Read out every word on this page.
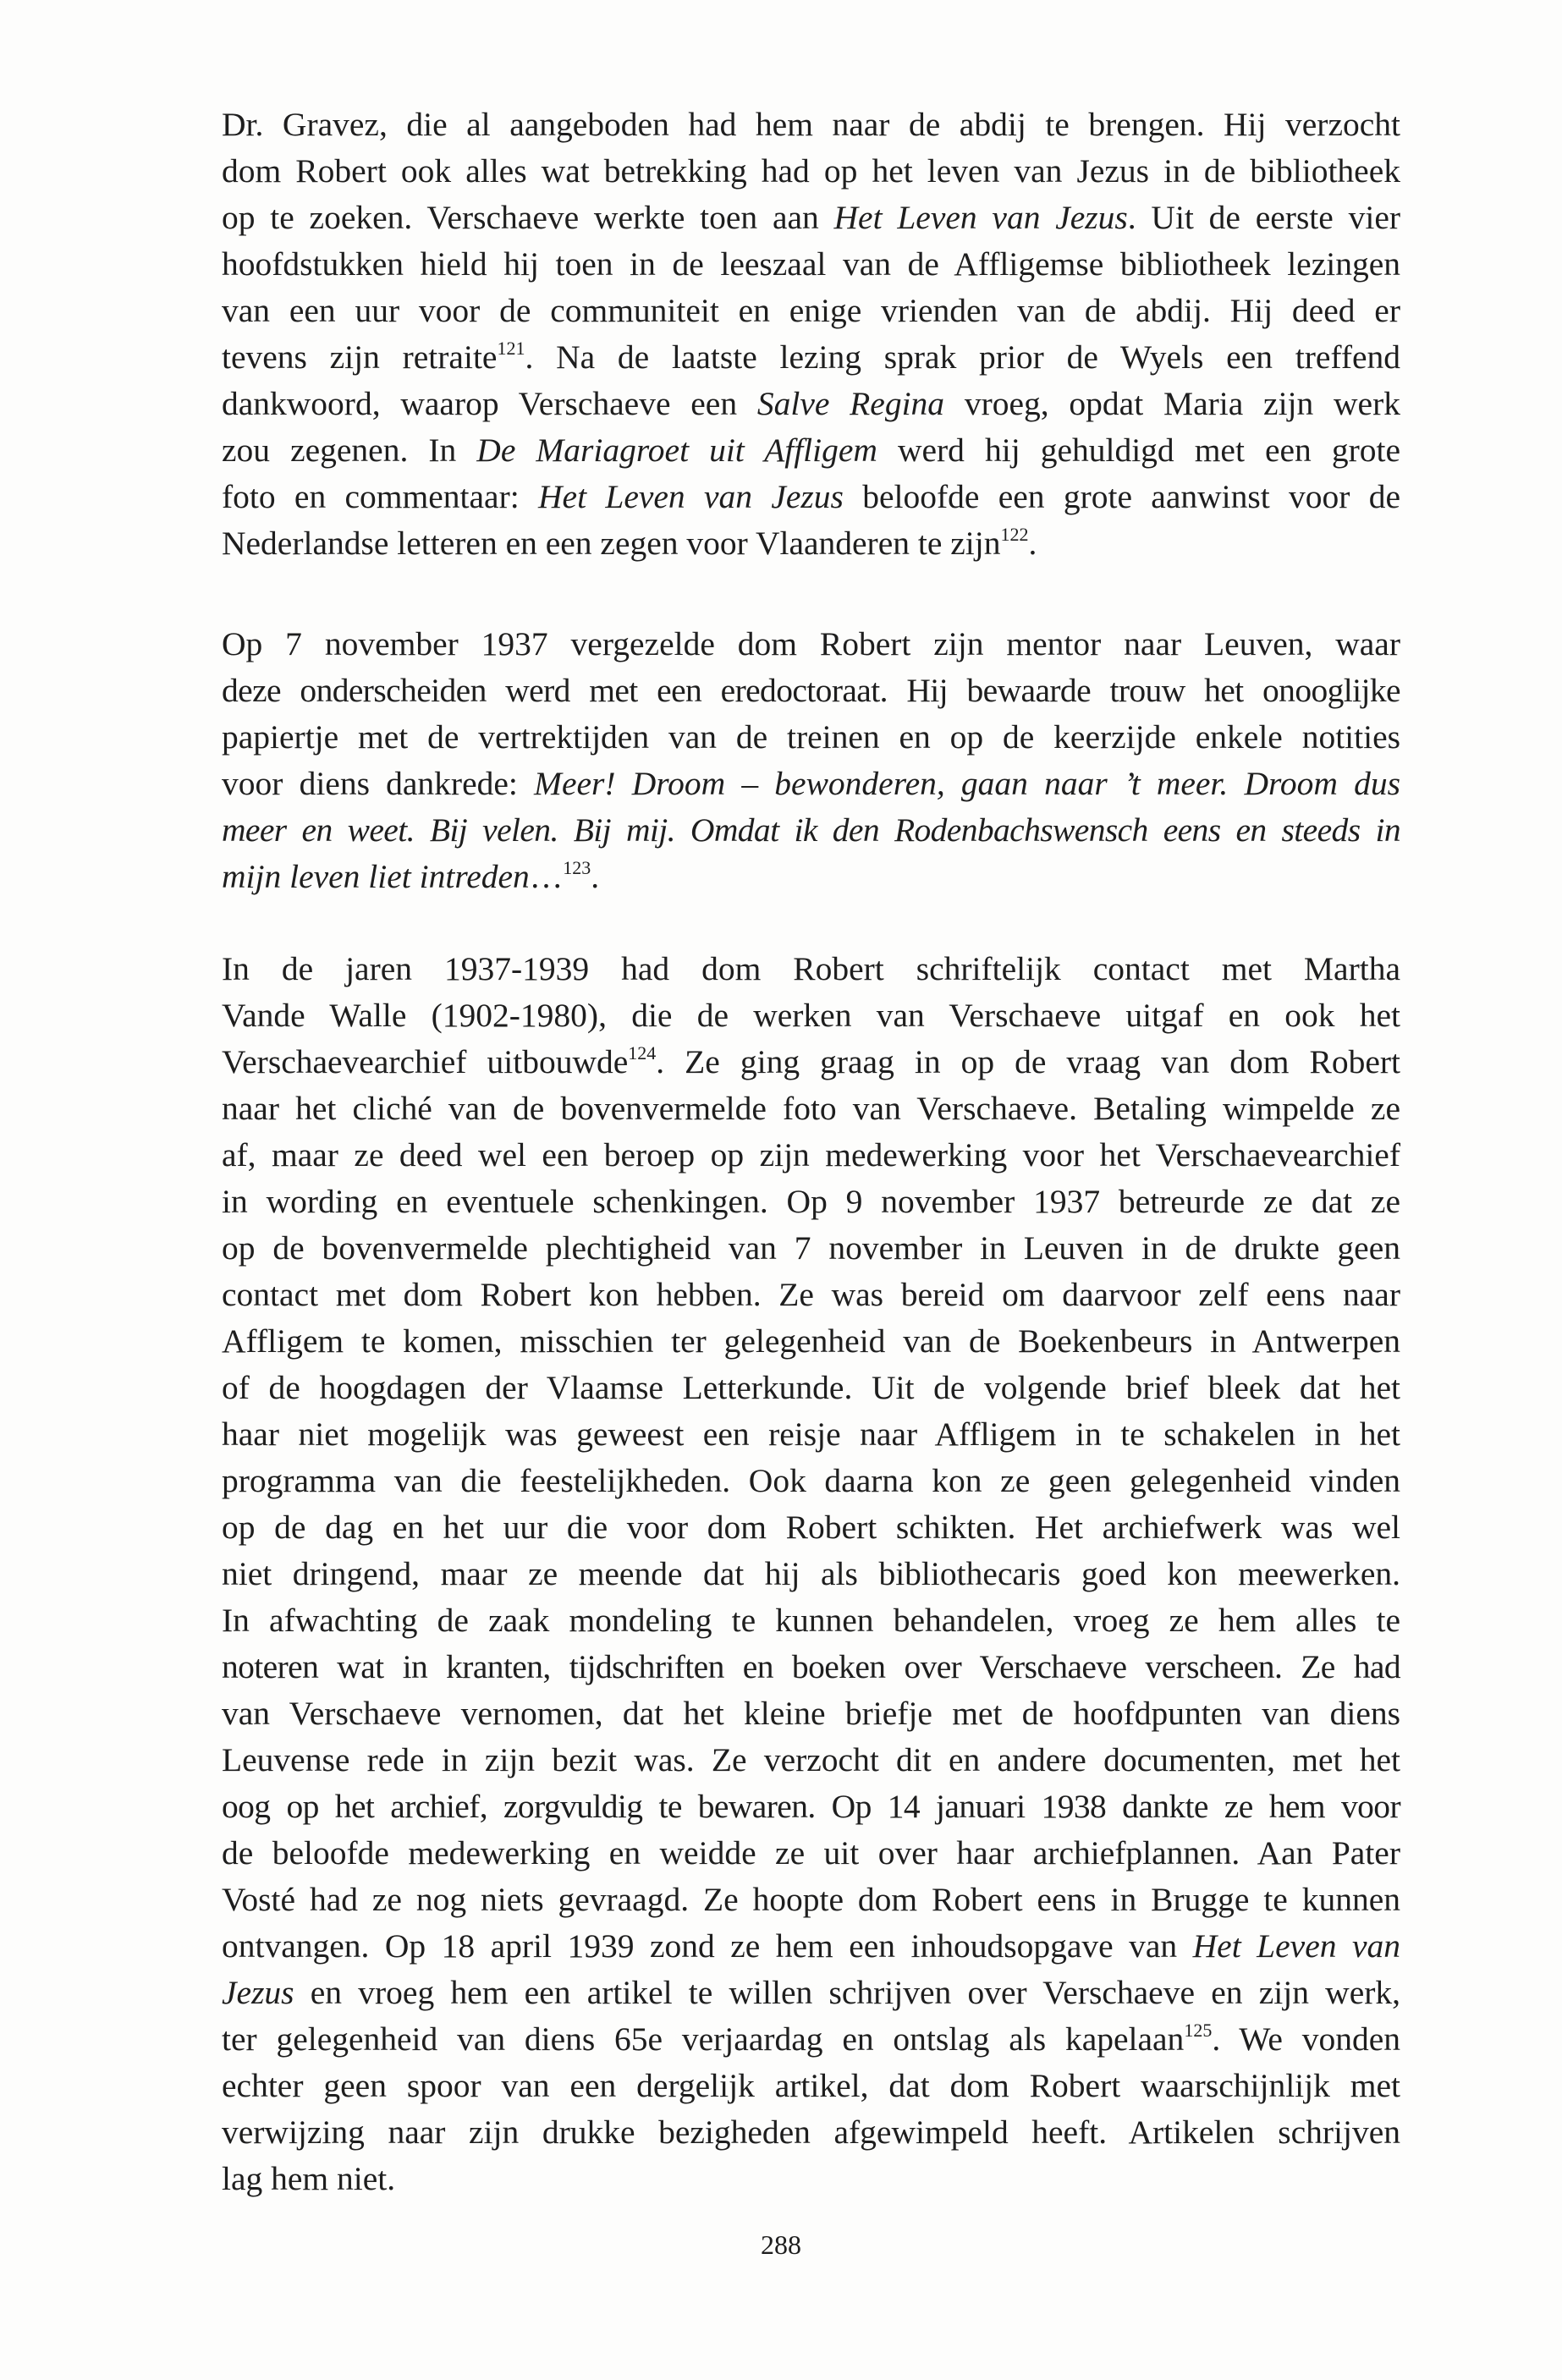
Dr. Gravez, die al aangeboden had hem naar de abdij te brengen. Hij verzocht
dom Robert ook alles wat betrekking had op het leven van Jezus in de bibliotheek
op te zoeken. Verschaeve werkte toen aan Het Leven van Jezus. Uit de eerste vier
hoofdstukken hield hij toen in de leeszaal van de Affligemse bibliotheek lezingen
van een uur voor de communiteit en enige vrienden van de abdij. Hij deed er
tevens zijn retraite$^{121}$. Na de laatste lezing sprak prior de Wyels een treffend
dankwoord, waarop Verschaeve een Salve Regina vroeg, opdat Maria zijn werk
zou zegenen. In De Mariagroet uit Affligem werd hij gehuldigd met een grote
foto en commentaar: Het Leven van Jezus beloofde een grote aanwinst voor de
Nederlandse letteren en een zegen voor Vlaanderen te zijn$^{122}$.
Op 7 november 1937 vergezelde dom Robert zijn mentor naar Leuven, waar
deze onderscheiden werd met een eredoctoraat. Hij bewaarde trouw het onooglijke
papiertje met de vertrektijden van de treinen en op de keerzijde enkele notities
voor diens dankrede: Meer! Droom – bewonderen, gaan naar ’t meer. Droom dus
meer en weet. Bij velen. Bij mij. Omdat ik den Rodenbachswensch eens en steeds in
mijn leven liet intreden…$^{123}$.
In de jaren 1937-1939 had dom Robert schriftelijk contact met Martha
Vande Walle (1902-1980), die de werken van Verschaeve uitgaf en ook het
Verschaevearchief uitbouwde$^{124}$. Ze ging graag in op de vraag van dom Robert
naar het cliché van de bovenvermelde foto van Verschaeve. Betaling wimpelde ze
af, maar ze deed wel een beroep op zijn medewerking voor het Verschaevearchief
in wording en eventuele schenkingen. Op 9 november 1937 betreurde ze dat ze
op de bovenvermelde plechtigheid van 7 november in Leuven in de drukte geen
contact met dom Robert kon hebben. Ze was bereid om daarvoor zelf eens naar
Affligem te komen, misschien ter gelegenheid van de Boekenbeurs in Antwerpen
of de hoogdagen der Vlaamse Letterkunde. Uit de volgende brief bleek dat het
haar niet mogelijk was geweest een reisje naar Affligem in te schakelen in het
programma van die feestelijkheden. Ook daarna kon ze geen gelegenheid vinden
op de dag en het uur die voor dom Robert schikten. Het archiefwerk was wel
niet dringend, maar ze meende dat hij als bibliothecaris goed kon meewerken.
In afwachting de zaak mondeling te kunnen behandelen, vroeg ze hem alles te
noteren wat in kranten, tijdschriften en boeken over Verschaeve verscheen. Ze had
van Verschaeve vernomen, dat het kleine briefje met de hoofdpunten van diens
Leuvense rede in zijn bezit was. Ze verzocht dit en andere documenten, met het
oog op het archief, zorgvuldig te bewaren. Op 14 januari 1938 dankte ze hem voor
de beloofde medewerking en weidde ze uit over haar archiefplannen. Aan Pater
Vosté had ze nog niets gevraagd. Ze hoopte dom Robert eens in Brugge te kunnen
ontvangen. Op 18 april 1939 zond ze hem een inhoudsopgave van Het Leven van
Jezus en vroeg hem een artikel te willen schrijven over Verschaeve en zijn werk,
ter gelegenheid van diens 65e verjaardag en ontslag als kapelaan$^{125}$. We vonden
echter geen spoor van een dergelijk artikel, dat dom Robert waarschijnlijk met
verwijzing naar zijn drukke bezigheden afgewimpeld heeft. Artikelen schrijven
lag hem niet.
288
